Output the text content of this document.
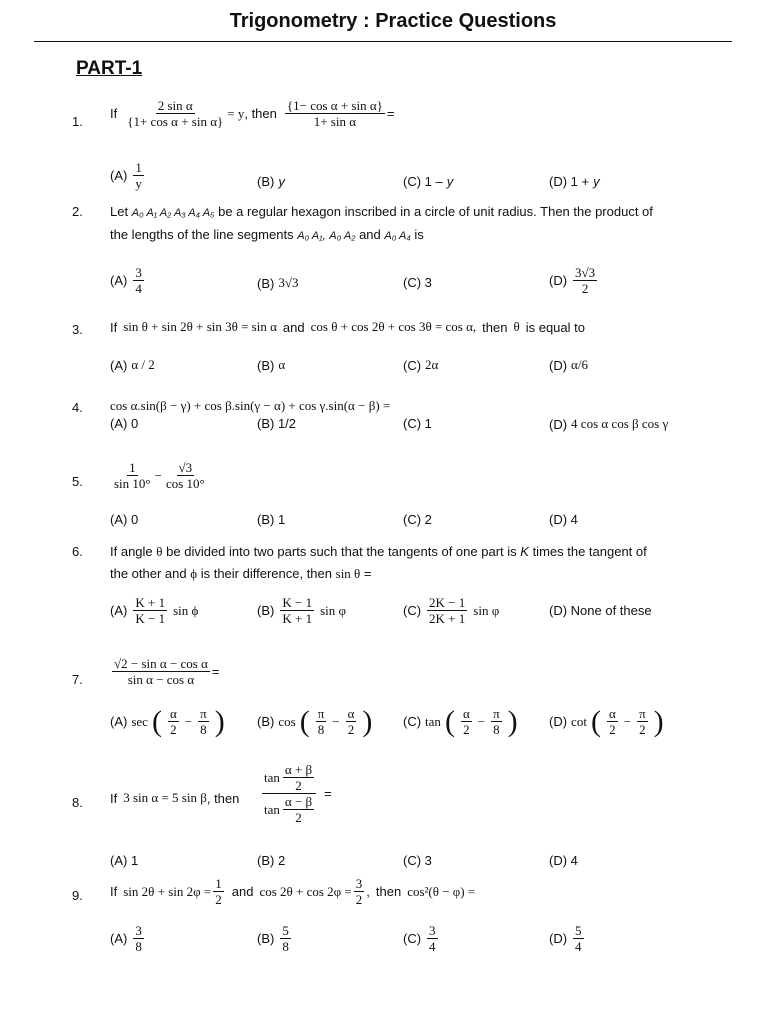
Trigonometry : Practice Questions
PART-1
1.
If $\frac{\text{2 sin α}}{\text{\{1+ cos α + sin α\}}} = y$ , then $\frac{\text{\{1− cos α + sin α\}}}{\text{1+ sin α}}$ =
$(A) \frac{1}{y}$	(B) y	(C) 1 – y	(D) 1 + y
2. Let A₀ A₁ A₂ A₃ A₄ A₅ be a regular hexagon inscribed in a circle of unit radius. Then the product of
the lengths of the line segments A₀ A₁, A₀ A₂ and A₀ A₄ is
$(A) \frac{3}{4}$	(B) 3√3	(C) 3	$(D) \frac{3√3}{2}$
3. If sin θ + sin 2θ + sin 3θ = sin α and cos θ + cos 2θ + cos 3θ = cos α, then θ is equal to
(A) α / 2	(B) α	(C) 2α	(D) α/6
4. cos α.sin(β − γ) + cos β.sin(γ − α) + cos γ.sin(α − β) =
(A) 0	(B) 1/2	(C) 1	(D) 4 cos α cos β cos γ
5. $\frac{1}{\sin 10^\circ} - \frac{√3}{\cos 10^\circ}$
(A) 0	(B) 1	(C) 2	(D) 4
6. If angle θ be divided into two parts such that the tangents of one part is K times the tangent of
the other and ϕ is their difference, then sin θ =
$(A) \frac{K + 1}{K - 1}$ sin ϕ	$(B) \frac{K - 1}{K + 1}$ sin φ	$(C) \frac{2K - 1}{2K + 1}$ sin φ	(D) None of these
7. $\frac{\text{√2 − sin α − cos α}}{\text{sin α − cos α}}$ =
(A) sec ( $\frac{\alpha}{2} - \frac{\pi}{8}$ ) (B) cos ( $\frac{\pi}{8} - \frac{\alpha}{2}$ ) (C) tan ( $\frac{\alpha}{2} - \frac{\pi}{8}$ ) (D) cot ( $\frac{\alpha}{2} - \frac{\pi}{2}$ )
8. If 3 sin α = 5 sin β , then $\frac{\tan \frac{\alpha + \beta}{2}}{\tan \frac{\alpha - \beta}{2}}$ =
(A) 1	(B) 2	(C) 3	(D) 4
9. If $\sin 2\theta + \sin 2\varphi = \frac{1}{2}$ and $\cos 2\theta + \cos 2\varphi = \frac{3}{2}$ , then cos²(θ − φ) =
$(A) \frac{3}{8}$	$(B) \frac{5}{8}$	$(C) \frac{3}{4}$	$(D) \frac{5}{4}$
